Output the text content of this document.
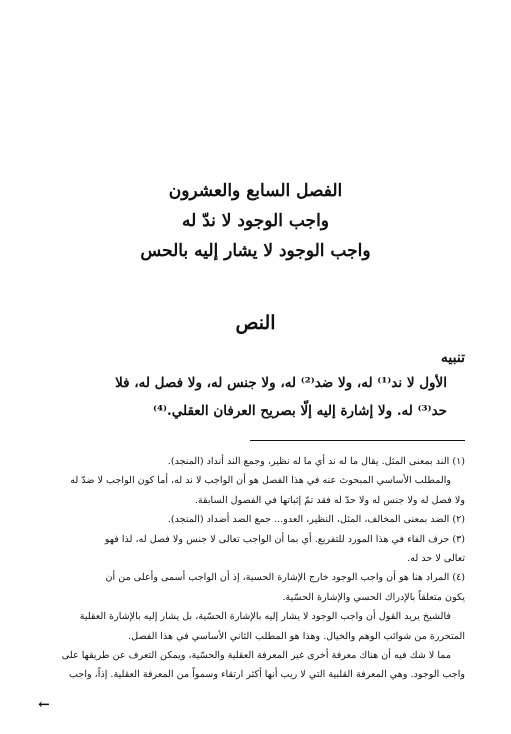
الفصل السابع والعشرون
واجب الوجود لا ندّ له
واجب الوجود لا يشار إليه بالحس
النص
تنبيه
الأول لا ند⁽¹⁾ له، ولا ضد⁽²⁾ له، ولا جنس له، ولا فصل له، فلا
حد⁽³⁾ له. ولا إشارة إليه إلّا بصريح العرفان العقلي.⁽⁴⁾
(١) الند بمعنى المثل. يقال ما له ند أي ما له نظير، وجمع الند أنداد (المنجد).
والمطلب الأساسي المبحوث عنه في هذا الفصل هو أن الواجب لا ند له، أما كون الواجب لا ضدّ له
ولا فصل له ولا جنس له ولا حدّ له فقد تمّ إثباتها في الفصول السابقة.
(٢) الضد بمعنى المخالف، المثل، النظير، العدو... جمع الضد أضداد (المنجد).
(٣) حرف الفاء في هذا المورد للتفريع. أي بما أن الواجب تعالى لا جنس ولا فصل له، لذا فهو
تعالى لا حد له.
(٤) المراد هنا هو أن واجب الوجود خارج الإشارة الحسية، إذ أن الواجب أسمى وأعلى من أن
يكون متعلقاً بالإدراك الحسي والإشارة الحسّية.
فالشيخ يريد القول أن واجب الوجود لا يشار إليه بالإشارة الحسّية، بل يشار إليه بالإشارة العقلية
المتحررة من شوائب الوهم والخيال. وهذا هو المطلب الثاني الأساسي في هذا الفصل.
مما لا شك فيه أن هناك معرفة أخرى غير المعرفة العقلية والحسّية، ويمكن التعرف عن طريقها على
واجب الوجود. وهي المعرفة القلبية التي لا ريب أنها أكثر ارتقاء وسمواً من المعرفة العقلية. إذاً، واجب
←
